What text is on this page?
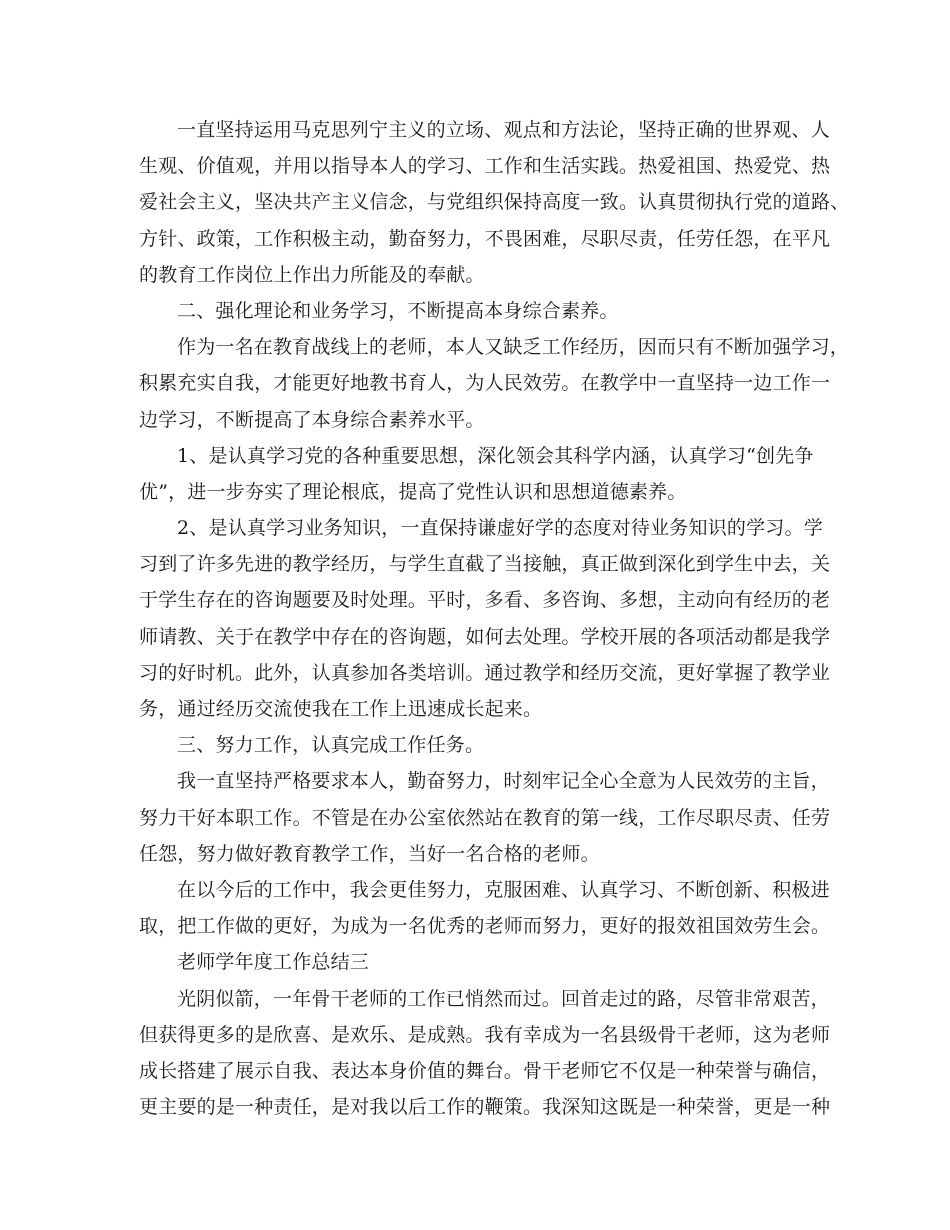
一直坚持运用马克思列宁主义的立场、观点和方法论，坚持正确的世界观、人
生观、价值观，并用以指导本人的学习、工作和生活实践。热爱祖国、热爱党、热
爱社会主义，坚决共产主义信念，与党组织保持高度一致。认真贯彻执行党的道路、
方针、政策，工作积极主动，勤奋努力，不畏困难，尽职尽责，任劳任怨，在平凡
的教育工作岗位上作出力所能及的奉献。
二、强化理论和业务学习，不断提高本身综合素养。
作为一名在教育战线上的老师，本人又缺乏工作经历，因而只有不断加强学习，
积累充实自我，才能更好地教书育人，为人民效劳。在教学中一直坚持一边工作一
边学习，不断提高了本身综合素养水平。
1、是认真学习党的各种重要思想，深化领会其科学内涵，认真学习“创先争
优”，进一步夯实了理论根底，提高了党性认识和思想道德素养。
2、是认真学习业务知识，一直保持谦虚好学的态度对待业务知识的学习。学
习到了许多先进的教学经历，与学生直截了当接触，真正做到深化到学生中去，关
于学生存在的咨询题要及时处理。平时，多看、多咨询、多想，主动向有经历的老
师请教、关于在教学中存在的咨询题，如何去处理。学校开展的各项活动都是我学
习的好时机。此外，认真参加各类培训。通过教学和经历交流，更好掌握了教学业
务，通过经历交流使我在工作上迅速成长起来。
三、努力工作，认真完成工作任务。
我一直坚持严格要求本人，勤奋努力，时刻牢记全心全意为人民效劳的主旨，
努力干好本职工作。不管是在办公室依然站在教育的第一线，工作尽职尽责、任劳
任怨，努力做好教育教学工作，当好一名合格的老师。
在以今后的工作中，我会更佳努力，克服困难、认真学习、不断创新、积极进
取，把工作做的更好，为成为一名优秀的老师而努力，更好的报效祖国效劳生会。
老师学年度工作总结三
光阴似箭，一年骨干老师的工作已悄然而过。回首走过的路，尽管非常艰苦，
但获得更多的是欣喜、是欢乐、是成熟。我有幸成为一名县级骨干老师，这为老师
成长搭建了展示自我、表达本身价值的舞台。骨干老师它不仅是一种荣誉与确信，
更主要的是一种责任，是对我以后工作的鞭策。我深知这既是一种荣誉，更是一种
